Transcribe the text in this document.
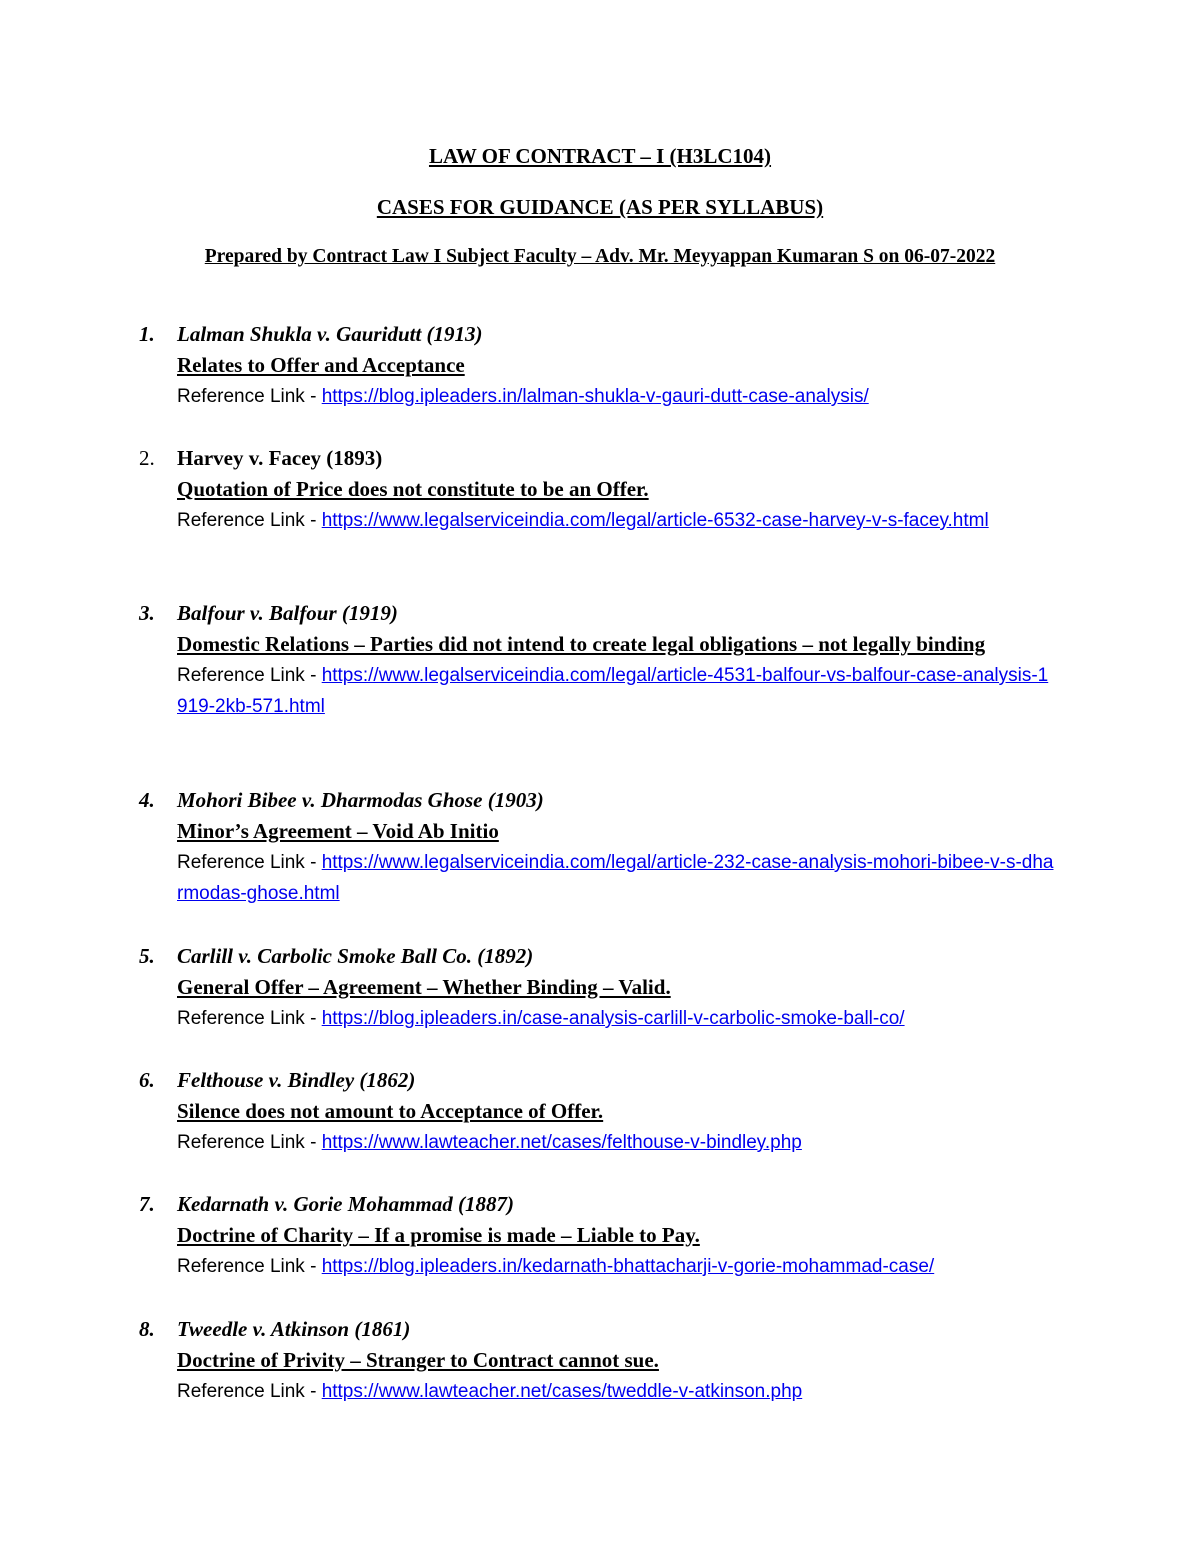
LAW OF CONTRACT – I (H3LC104)
CASES FOR GUIDANCE (AS PER SYLLABUS)
Prepared by Contract Law I Subject Faculty – Adv. Mr. Meyyappan Kumaran S on 06-07-2022
1.	Lalman Shukla v. Gauridutt (1913)
Relates to Offer and Acceptance
Reference Link - https://blog.ipleaders.in/lalman-shukla-v-gauri-dutt-case-analysis/
2.	Harvey v. Facey (1893)
Quotation of Price does not constitute to be an Offer.
Reference Link - https://www.legalserviceindia.com/legal/article-6532-case-harvey-v-s-facey.html
3.	Balfour v. Balfour (1919)
Domestic Relations – Parties did not intend to create legal obligations – not legally binding
Reference Link - https://www.legalserviceindia.com/legal/article-4531-balfour-vs-balfour-case-analysis-1919-2kb-571.html
4.	Mohori Bibee v. Dharmodas Ghose (1903)
Minor’s Agreement – Void Ab Initio
Reference Link - https://www.legalserviceindia.com/legal/article-232-case-analysis-mohori-bibee-v-s-dharmodas-ghose.html
5.	Carlill v. Carbolic Smoke Ball Co. (1892)
General Offer – Agreement – Whether Binding – Valid.
Reference Link - https://blog.ipleaders.in/case-analysis-carlill-v-carbolic-smoke-ball-co/
6.	Felthouse v. Bindley (1862)
Silence does not amount to Acceptance of Offer.
Reference Link - https://www.lawteacher.net/cases/felthouse-v-bindley.php
7.	Kedarnath v. Gorie Mohammad (1887)
Doctrine of Charity – If a promise is made – Liable to Pay.
Reference Link - https://blog.ipleaders.in/kedarnath-bhattacharji-v-gorie-mohammad-case/
8.	Tweedle v. Atkinson (1861)
Doctrine of Privity – Stranger to Contract cannot sue.
Reference Link - https://www.lawteacher.net/cases/tweddle-v-atkinson.php
